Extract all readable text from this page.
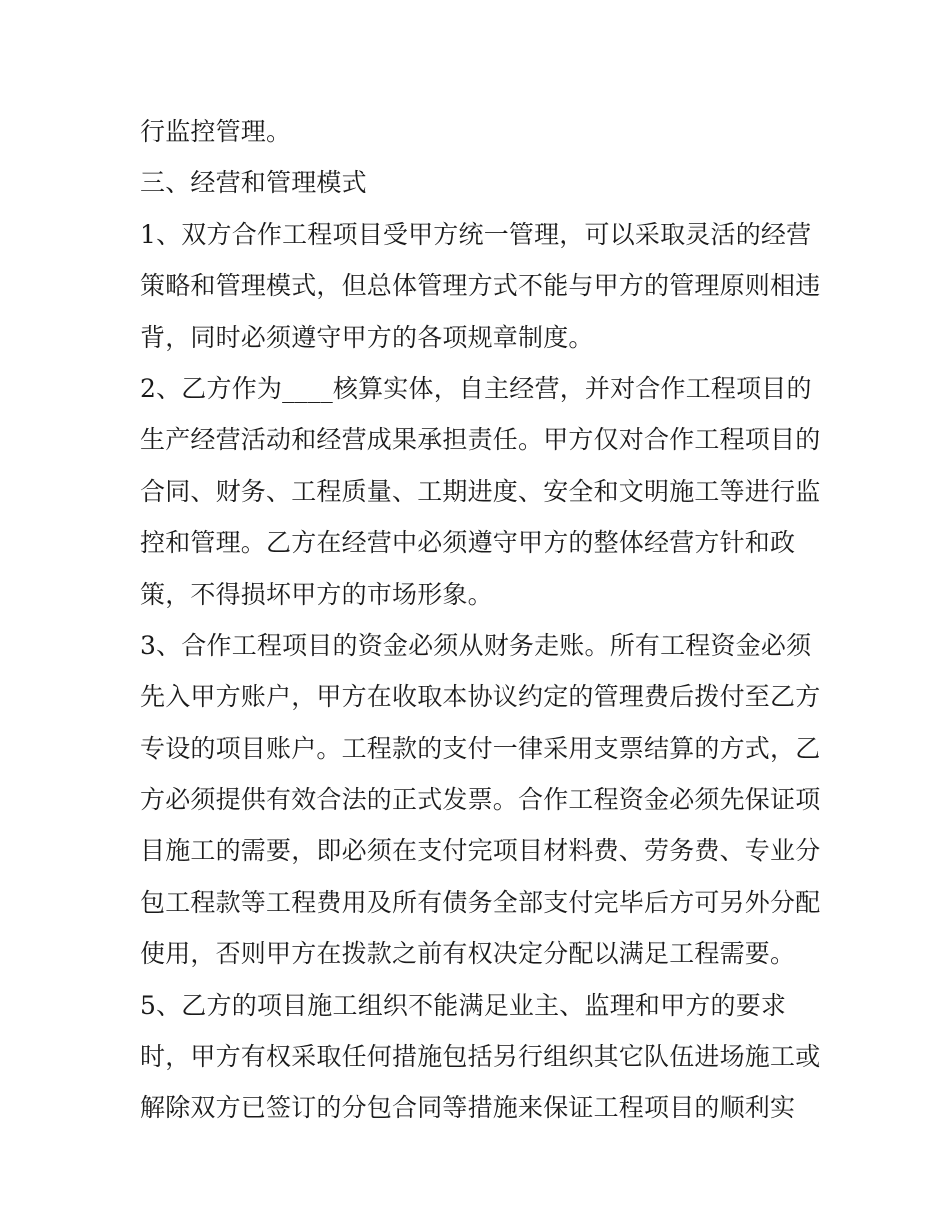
行监控管理。
三、经营和管理模式
1、双方合作工程项目受甲方统一管理，可以采取灵活的经营
策略和管理模式，但总体管理方式不能与甲方的管理原则相违
背，同时必须遵守甲方的各项规章制度。
2、乙方作为____核算实体，自主经营，并对合作工程项目的
生产经营活动和经营成果承担责任。甲方仅对合作工程项目的
合同、财务、工程质量、工期进度、安全和文明施工等进行监
控和管理。乙方在经营中必须遵守甲方的整体经营方针和政
策，不得损坏甲方的市场形象。
3、合作工程项目的资金必须从财务走账。所有工程资金必须
先入甲方账户，甲方在收取本协议约定的管理费后拨付至乙方
专设的项目账户。工程款的支付一律采用支票结算的方式，乙
方必须提供有效合法的正式发票。合作工程资金必须先保证项
目施工的需要，即必须在支付完项目材料费、劳务费、专业分
包工程款等工程费用及所有债务全部支付完毕后方可另外分配
使用，否则甲方在拨款之前有权决定分配以满足工程需要。
5、乙方的项目施工组织不能满足业主、监理和甲方的要求
时，甲方有权采取任何措施包括另行组织其它队伍进场施工或
解除双方已签订的分包合同等措施来保证工程项目的顺利实
